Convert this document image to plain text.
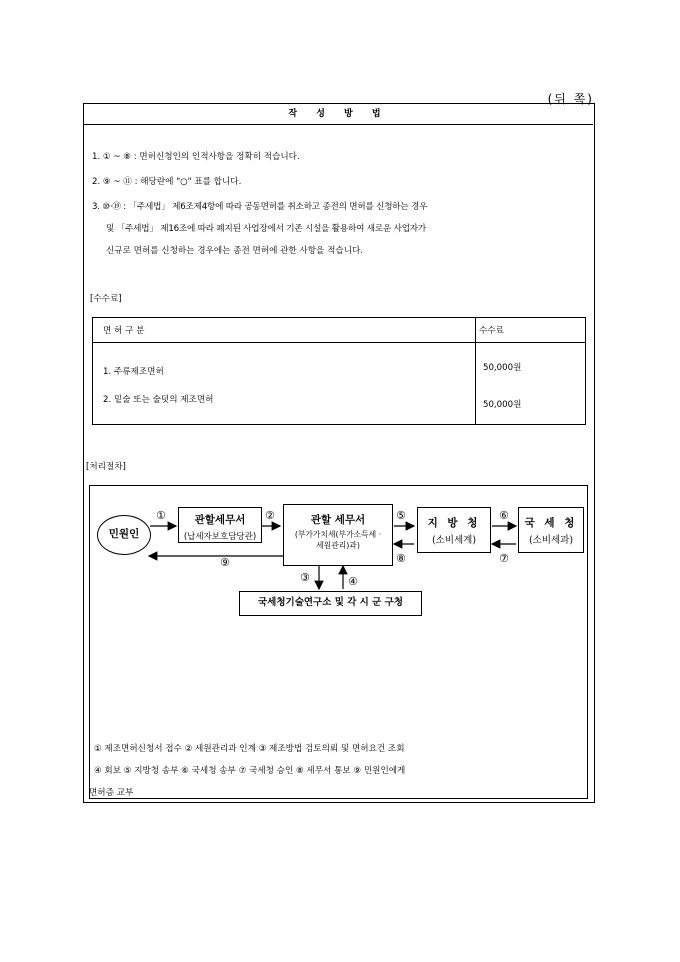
(뒤 쪽)
작 성 방 법
1. ① ~ ⑧ : 면허신청인의 인적사항을 정확히 적습니다.
2. ⑨ ~ ⑪ : 해당란에 "○" 표를 합니다.
3. ⑩·⑲ : 「주세법」 제6조제4항에 따라 공동면허를 취소하고 종전의 면허를 신청하는 경우
및 「주세법」 제16조에 따라 폐지된 사업장에서 기존 시설을 활용하여 새로운 사업자가
신규로 면허를 신청하는 경우에는 종전 면허에 관한 사항을 적습니다.
[수수료]
면 허 구 분	수수료
1. 주류제조면허	50,000원
2. 밑술 또는 술덧의 제조면허	50,000원
[처리절차]
민원인
①	②	⑤
⑧
⑥
⑦
⑨
③	④
관할세무서
(납세자보호담당관)
관할 세무서
(부가가치세(부가소득세 ·
세원관리)과)
지 방 청
(소비세계)
국 세 청
(소비세과)
국세청기술연구소 및 각 시 군 구청
① 제조면허신청서 접수 ② 세원관리과 인계 ③ 제조방법 검토의뢰 및 면허요건 조회
④ 회보 ⑤ 지방청 송부 ⑥ 국세청 송부 ⑦ 국세청 승인 ⑧ 세무서 통보 ⑨ 민원인에게
면허증 교부
